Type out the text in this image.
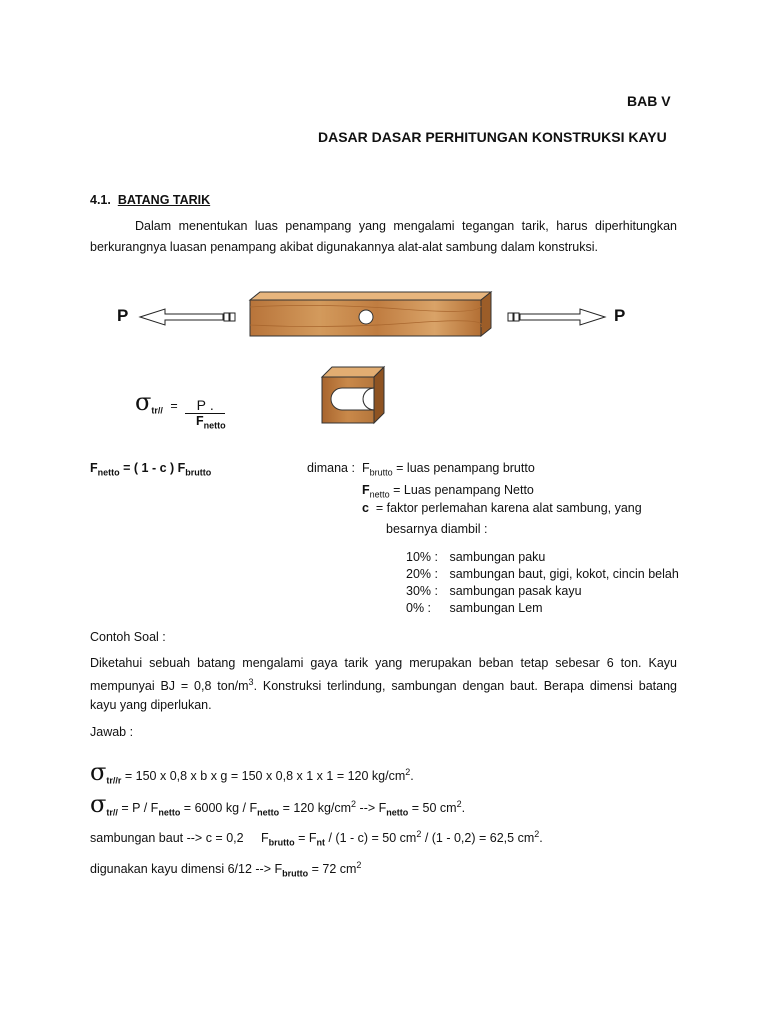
BAB V
DASAR DASAR PERHITUNGAN KONSTRUKSI KAYU
4.1. BATANG TARIK
Dalam menentukan luas penampang yang mengalami tegangan tarik, harus diperhitungkan
berkurangnya luasan penampang akibat digunakannya alat-alat sambung dalam konstruksi.
P	P
$\sigma_{tr//} = P$ .
$F_{netto}$
$F_{netto}$ = ( 1 - c ) $F_{brutto}$	dimana : $F_{brutto}$ = luas penampang brutto
$F_{netto}$ = Luas penampang Netto
c = faktor perlemahan karena alat sambung, yang
besarnya diambil :
10% : sambungan paku
20% : sambungan baut, gigi, kokot, cincin belah
30% : sambungan pasak kayu
0% : sambungan Lem
Contoh Soal :
Diketahui sebuah batang mengalami gaya tarik yang merupakan beban tetap sebesar 6 ton. Kayu
mempunyai BJ = 0,8 ton/$m^3$. Konstruksi terlindung, sambungan dengan baut. Berapa dimensi batang
kayu yang diperlukan.
Jawab :
$\sigma_{tr//r} = 150$ x 0,8 x b x g = 150 x 0,8 x 1 x 1 = 120 $kg/cm^2$.
$\sigma_{tr//} = P / F_{netto} = 6000$ kg / $F_{netto} = 120$ $kg/cm^2$ --> $F_{netto} = 50$ $cm^2$.
sambungan baut --> c = 0,2 $F_{brutto} = F_{nt} / (1 - c) = 50$ $cm^2 / (1 - 0,2) = 62,5$ $cm^2$.
digunakan kayu dimensi 6/12 --> $F_{brutto} = 72$ $cm^2$
